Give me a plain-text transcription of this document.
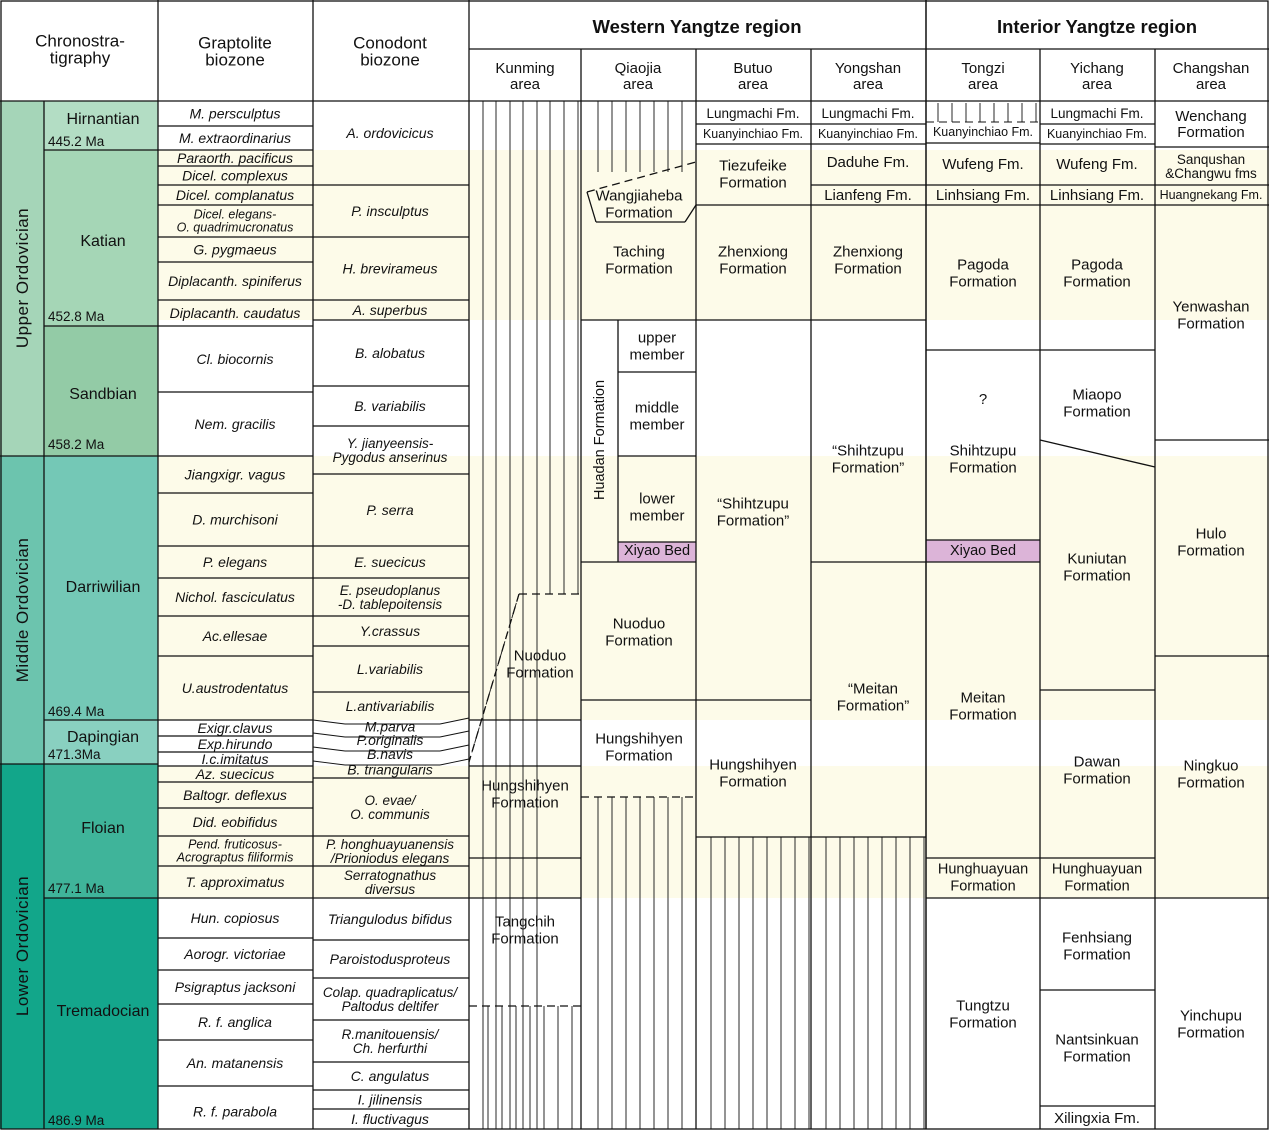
Chronostra-tigraphy
Graptolite biozone
Conodont biozone
Western Yangtze region	Interior Yangtze region
Kunming area
Qiaojia area
Butuo area
Yongshan area
Tongzi area
Yichang area
Changshan area
Upper Ordovician
Middle Ordovician
Lower Ordovician
Hirnantian
Katian
Sandbian
Darriwilian
Dapingian
Floian
Tremadocian
445.2 Ma
452.8 Ma
458.2 Ma
469.4 Ma
471.3Ma
477.1 Ma
486.9 Ma
M. persculptus
M. extraordinarius
Paraorth. pacificus
Dicel. complexus
Dicel. complanatus
Dicel. elegans-O. quadrimucronatus
G. pygmaeus
Diplacanth. spiniferus
Diplacanth. caudatus
Cl. biocornis
Nem. gracilis
Jiangxigr. vagus
D. murchisoni
P. elegans
Nichol. fasciculatus
Ac.ellesae
U.austrodentatus
Exigr.clavus
Exp.hirundo
I.c.imitatus
Az. suecicus
Baltogr. deflexus
Did. eobifidus
Pend. fruticosus-Acrograptus filiformis
T. approximatus
Hun. copiosus
Aorogr. victoriae
Psigraptus jacksoni
R. f. anglica
An. matanensis
R. f. parabola
A. ordovicicus
P. insculptus
H. brevirameus
A. superbus
B. alobatus
B. variabilis
Y. jianyeensis-Pygodus anserinus
P. serra
E. suecicus
E. pseudoplanus -D. tablepoitensis
Y.crassus
L.variabilis
L.antivariabilis
M.parva
P.originalis
B.navis
B. triangularis
O. evae/ O. communis
P. honghuayuanensis /Prioniodus elegans
Serratognathus diversus
Triangulodus bifidus
Paroistodusproteus
Colap. quadraplicatus/ Paltodus deltifer
R.manitouensis/ Ch. herfurthi
C. angulatus
I. jilinensis
I. fluctivagus
Nuoduo Formation
Hungshihyen Formation
Tangchih Formation
Wangjiaheba Formation
Taching Formation
Huadan Formation
upper member
middle member
lower member
Xiyao Bed
Nuoduo Formation
Hungshihyen Formation
Lungmachi Fm.
Kuanyinchiao Fm.
Tiezufeike Formation
Zhenxiong Formation
“Shihtzupu Formation”
Hungshihyen Formation
Lungmachi Fm.
Kuanyinchiao Fm.
Daduhe Fm.
Lianfeng Fm.
Zhenxiong Formation
“Shihtzupu Formation”
“Meitan Formation”
Kuanyinchiao Fm.
Wufeng Fm.
Linhsiang Fm.
Pagoda Formation
?
Shihtzupu Formation
Xiyao Bed
Meitan Formation
Hunghuayuan Formation
Tungtzu Formation
Lungmachi Fm.
Kuanyinchiao Fm.
Wufeng Fm.
Linhsiang Fm.
Pagoda Formation
Miaopo Formation
Kuniutan Formation
Dawan Formation
Hunghuayuan Formation
Fenhsiang Formation
Nantsinkuan Formation
Xilingxia Fm.
Wenchang Formation
Sanqushan &Changwu fms
Huangnekang Fm.
Yenwashan Formation
Hulo Formation
Ningkuo Formation
Yinchupu Formation
